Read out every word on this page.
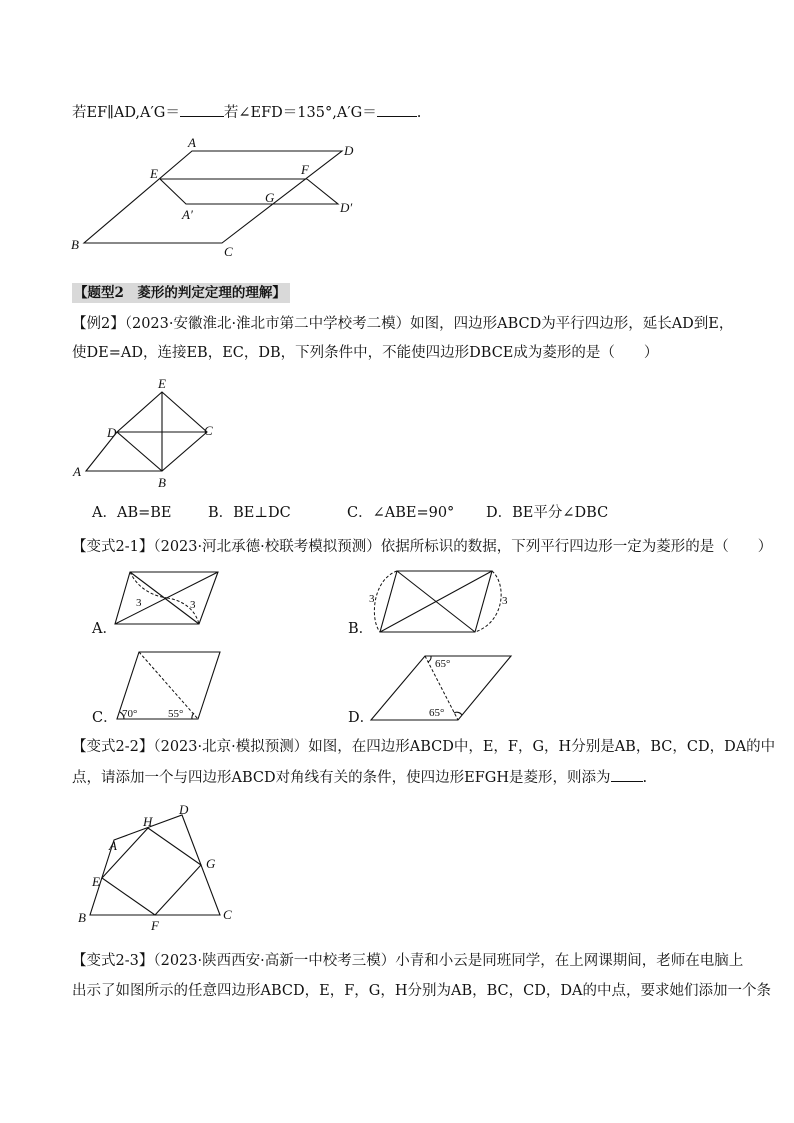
若EF∥AD,A′G＝	若∠EFD＝135°,A′G＝	.
A
D
E	F
G
A′	D′
B	C
【题型2　菱形的判定定理的理解】
【例2】（2023·安徽淮北·淮北市第二中学校考二模）如图，四边形ABCD为平行四边形，延长AD到E，
使DE=AD，连接EB，EC，DB，下列条件中，不能使四边形DBCE成为菱形的是（　　）
E
D	C
A
B
A．AB=BE	B．BE⊥DC	C．∠ABE=90° D．BE平分∠DBC
【变式2-1】（2023·河北承德·校联考模拟预测）依据所标识的数据，下列平行四边形一定为菱形的是（　　）
A．
3	3
B．
3	3
C． 70°	55°	D．
65°
65°
【变式2-2】（2023·北京·模拟预测）如图，在四边形ABCD中，E，F，G，H分别是AB，BC，CD，DA的中
点，请添加一个与四边形ABCD对角线有关的条件，使四边形EFGH是菱形，则添为 .
D
H
A
G
E
B
F
C
【变式2-3】（2023·陕西西安·高新一中校考三模）小青和小云是同班同学，在上网课期间，老师在电脑上
出示了如图所示的任意四边形ABCD，E，F，G，H分别为AB，BC，CD，DA的中点，要求她们添加一个条
